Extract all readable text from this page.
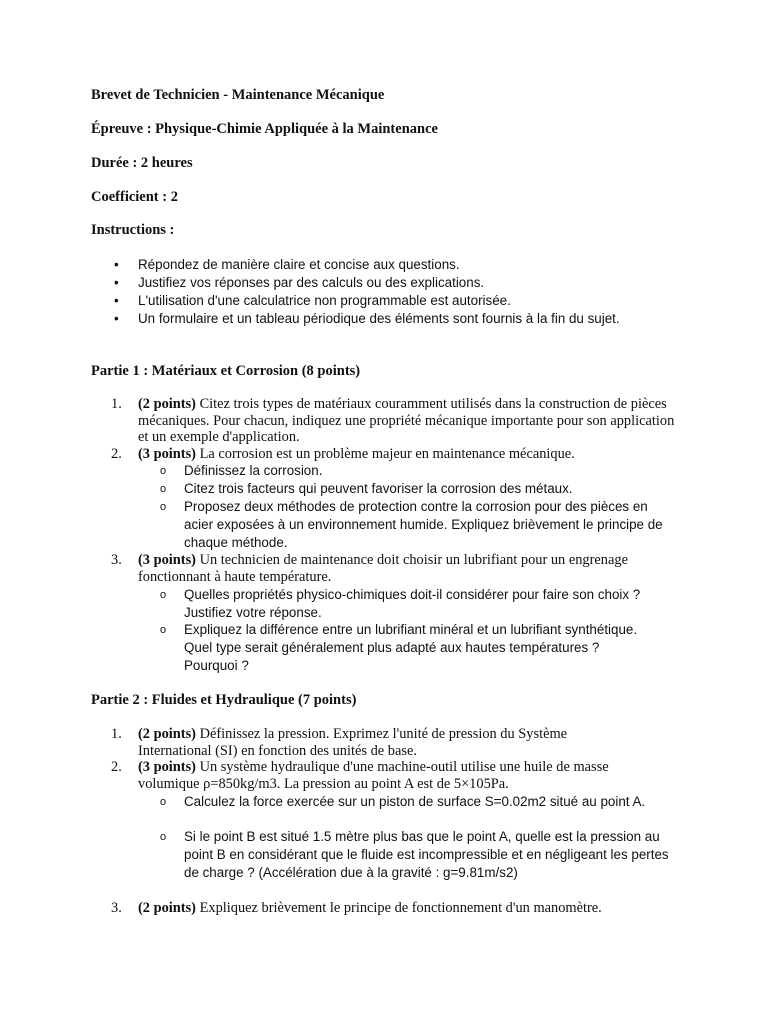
Brevet de Technicien - Maintenance Mécanique
Épreuve : Physique-Chimie Appliquée à la Maintenance
Durée : 2 heures
Coefficient : 2
Instructions :
• Répondez de manière claire et concise aux questions.
• Justifiez vos réponses par des calculs ou des explications.
• L'utilisation d'une calculatrice non programmable est autorisée.
• Un formulaire et un tableau périodique des éléments sont fournis à la fin du sujet.
Partie 1 : Matériaux et Corrosion (8 points)
1. (2 points) Citez trois types de matériaux couramment utilisés dans la construction de pièces mécaniques. Pour chacun, indiquez une propriété mécanique importante pour son application et un exemple d'application.
2. (3 points) La corrosion est un problème majeur en maintenance mécanique.
o Définissez la corrosion.
o Citez trois facteurs qui peuvent favoriser la corrosion des métaux.
o Proposez deux méthodes de protection contre la corrosion pour des pièces en acier exposées à un environnement humide. Expliquez brièvement le principe de chaque méthode.
3. (3 points) Un technicien de maintenance doit choisir un lubrifiant pour un engrenage fonctionnant à haute température.
o Quelles propriétés physico-chimiques doit-il considérer pour faire son choix ? Justifiez votre réponse.
o Expliquez la différence entre un lubrifiant minéral et un lubrifiant synthétique. Quel type serait généralement plus adapté aux hautes températures ? Pourquoi ?
Partie 2 : Fluides et Hydraulique (7 points)
1. (2 points) Définissez la pression. Exprimez l'unité de pression du Système International (SI) en fonction des unités de base.
2. (3 points) Un système hydraulique d'une machine-outil utilise une huile de masse volumique ρ=850kg/m3. La pression au point A est de 5×105Pa.
o Calculez la force exercée sur un piston de surface S=0.02m2 situé au point A.
o Si le point B est situé 1.5 mètre plus bas que le point A, quelle est la pression au point B en considérant que le fluide est incompressible et en négligeant les pertes de charge ? (Accélération due à la gravité : g=9.81m/s2)
3. (2 points) Expliquez brièvement le principe de fonctionnement d'un manomètre.
